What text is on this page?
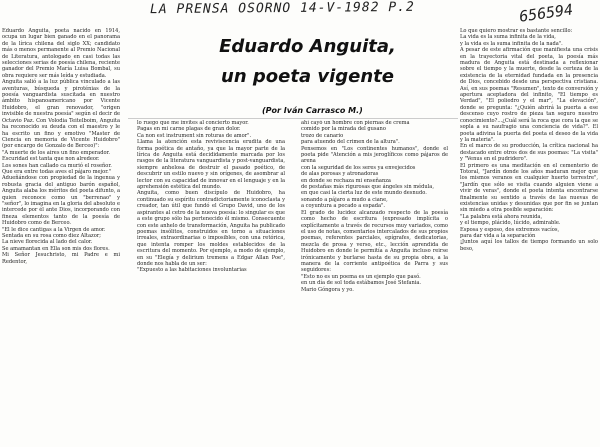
LA PRENSA OSORNO 14-V-1982 P.2	656594
Eduardo Anguita,
un poeta vigente
(Por Iván Carrasco M.)

Eduardo Anguita, poeta nacido en 1914, ocupa un lugar bien ganado en el panorama de la lírica chilena del siglo XX; candidato más o menos permanente al Premio Nacional de Literatura, antologado en casi todas las selecciones serias de poesía chilena, reciente ganador del Premio María Luisa Bombal, su obra requiere ser más leída y estudiada.

Anguita salió a la luz pública vinculado a las aventuras, búsqueda y piroténias de la poesía vanguardista suscitada en nuestro ámbito hispanoamericano por Vicente Huidobro, el gran renovador, "origen invisible de nuestra poesía" según el decir de Octavio Paz. Con Volodia Teitelboim, Anguita ha reconocido su deuda con el maestro y le ha escrito un fino y emotivo "Master de Ciencia en memoria de Vicente Huidobro" (por encargo de Gonzalo de Berceo)":

"A muerte de los aires un fino emperador.

Escuridad est tanta que non alredeor.

Los sones han callado ca murió el roseñor.

Que era entre todas aves el pájaro mejor."

Adueñándose con propiedad de la ingenua y robusta gracia del antiguo barón español, Anguita alaba los méritos del poeta difunto, a quien reconoce como un "berrenao" y "señor", lo imagina en la gloria del absoluto e intercede por él ante Dios, incorporando con fineza elementos tanto de la poesía de Huidobro como de Berceo.

"El le dice cantigas a la Virgen de amor.

Sentada en su rosa como diez Altazor;

La nieve florecida al lado del calor.

Se amamantan en Ella son mis dos flores.

Mi Señor Jesuchristo, mi Padre e mi Redentor,

lo ruego que me invites al concierto mayor.

Pagas en mi carne plagas de gran dolor.

Ca non est instrument sin roturas de amor".

Llama la atención esta reviviscencia erudita de una forma poética de antaño, ya que la mayor parte de la lírica de Anguita está decididamente marcada por los rasgos de la literatura vanguardista y post-vanguardista, siempre anhelosa de destruir el pasado poético, de descubrir un estilo nuevo y sin orígenes, de asombrar al lector con su capacidad de innovar en el lenguaje y en la aprehensión estética del mundo.

Anguita, como buen discípulo de Huidobro, ha continuado su espíritu contradictoriamente iconoclasta y creador, tan útil que fundó el Grupo David, uno de los aspirantes al cetro de la nueva poesía: lo singular es que a este grupo sólo ha pertenecido él mismo. Consecuente con este anhelo de transformación, Anguita ha publicado poemas insólitos, construidos en torno a situaciones irreales, extraordinarias o imposibles, con una retórica, que intenta romper los moldes establecidos de la escritura del momento. Por ejemplo, a modo de ejemplo, en su "Elegía y delirium tremens a Edgar Allan Poe", donde nos habla de un ser:

"Expuesto a las habitaciones involuntarias

ahí cayó un hombre con piernas de crema

comido por la mirada del gusano

trozo de canario

para atuendo del crimen de la altura".

Pensemos en "Los continentes humanos", donde el poeta pide "Atención a mis jeroglíficos como pájaros de arena

con la seguridad de los seres ya envejecidos

de alas porosas y atronadoras

en donde se rechaza mi enseñanza

de pestañas más rigurosas que ángeles sin médula,

en que casi la cierta luz de este mundo desnudo.

sonando a pájaro a mudo a ciane,

a coyuntura a pecado a espada".

El grado de lucidez alcanzado respecto de la poesía como hecho de escritura (expresado implícita o explícitamente a través de recursos muy variados, como el uso de notas, comentarios intercalados de sus propios poemas, referentes parciales, epígrafes, dedicatorias, mezcla de prosa y verso, etc., lección aprendida de Huidobro en donde le permitía a Anguita incluso reirse irónicamente y burlarse hasta de su propia obra, a la manera de la corriente antipoética de Parra y sus seguidores:

"Esto no es un poema es un ejemplo que pasó.

en un día de sol toda estábamos José Stefania.

Mario Góngora y yo.

Lo que quiero mostrar es bastante sencillo:

La vida es la suma infinita de la vida,

y la vida es la suma infinita de la nada".

A pesar de este afirmación que manifiesta una crisis en la trayectoria vital del poeta, la poesía más madura de Anguita está destinada a reflexionar sobre el tiempo y la muerte, desde la certeza de la existencia de la eternidad fundada en la presencia de Dios, concebido desde una perspectiva cristiana. Así, en sus poemas "Resumen", texto de conversión y apertura aceptadora del infinito, "El tiempo es Verdad", "El poliedro y el mar", "La elevación", donde se pregunta: "¿Quién abrirá la puerta a ese descenso cuyo rostro de pieza tan seguro nuestro conocimiento?...¿Cuál será la roca que cora la que se sopla a su naufragio una conciencia de vida?". El poeta adivina la puerta del poeta el deseo de la vida y la materia".

En el marco de su producción, la crítica nacional ha destacado entre otros dos de sus poemas: "La visita" y "Venus en el pudridero".

El primero es una meditación en el cementerio de Totoral, "Jardín donde los años maduran mejor que los mismos veranos en cualquier huerto terrestre", "Jardín que sólo se visita cuando alguien viene a vivir de veras", donde el poeta intenta encontrarse finalmente su sentido a través de las nuevas de existencias unidas y desunidas que por fin se juntan sin miedo a otra posible separación:

"La palabra está ahora reunida,

y el tiempo, plácido, lúcido, admirable.

Esposa y esposo, dos extremos vacíos,

para dar vida a la separación

¡Juntos aquí los tallos de tiempo formando un solo beso,
